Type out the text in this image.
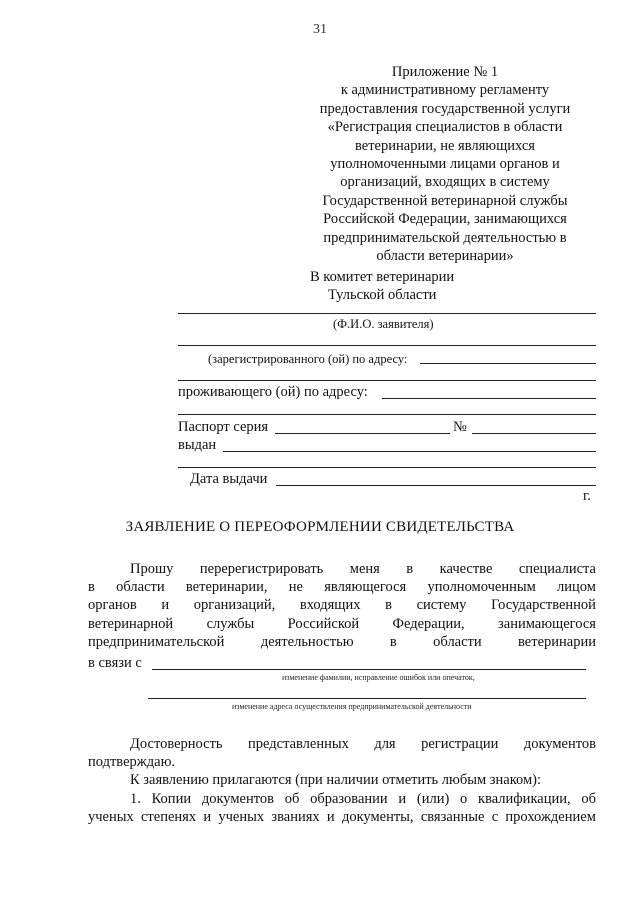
31
Приложение № 1
к административному регламенту
предоставления государственной услуги
«Регистрация специалистов в области
ветеринарии, не являющихся
уполномоченными лицами органов и
организаций, входящих в систему
Государственной ветеринарной службы
Российской Федерации, занимающихся
предпринимательской деятельностью в
области ветеринарии»
В комитет ветеринарии
Тульской области
(Ф.И.О. заявителя)
(зарегистрированного (ой) по адресу:
проживающего (ой) по адресу:
Паспорт серия	№
выдан
Дата выдачи
г.
ЗАЯВЛЕНИЕ О ПЕРЕОФОРМЛЕНИИ СВИДЕТЕЛЬСТВА
Прошу перерегистрировать меня в качестве специалиста
в области ветеринарии, не являющегося уполномоченным лицом
органов и организаций, входящих в систему Государственной
ветеринарной службы Российской Федерации, занимающегося
предпринимательской	деятельностью	в	области	ветеринарии
в связи с
изменение фамилии, исправление ошибок или опечаток,
изменение адреса осуществления предпринимательской деятельности
Достоверность представленных для регистрации документов
подтверждаю.
К заявлению прилагаются (при наличии отметить любым знаком):
1. Копии документов об образовании и (или) о квалификации, об
ученых степенях и ученых званиях и документы, связанные с прохождением
